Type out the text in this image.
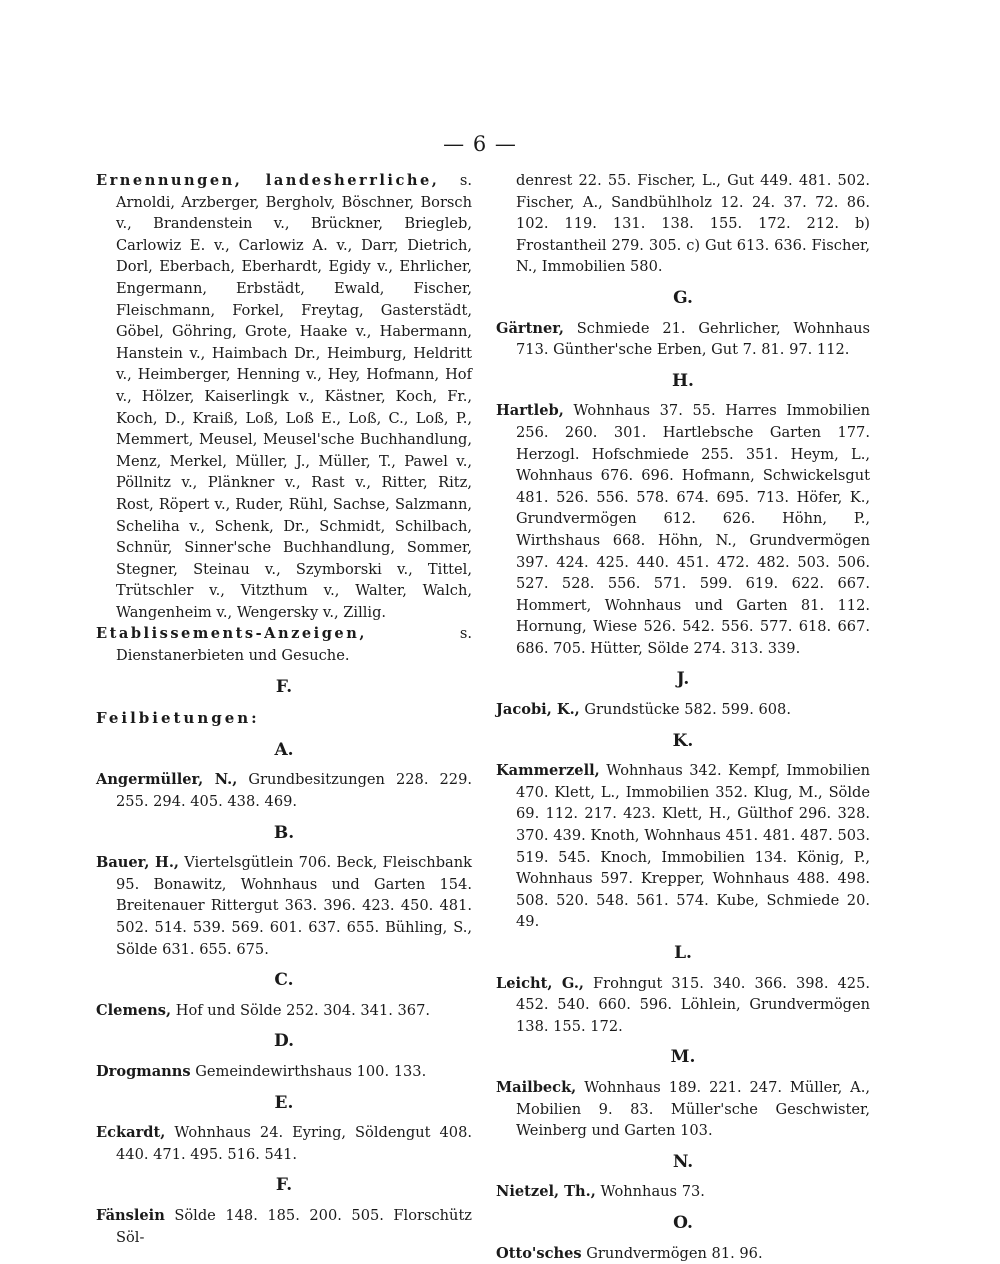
— 6 —
Ernennungen, landesherrliche, s. Arnoldi, Arzberger, Bergholv, Böschner, Borsch v., Brandenstein v., Brückner, Briegleb, Carlowiz E. v., Carlowiz A. v., Darr, Dietrich, Dorl, Eberbach, Eberhardt, Egidy v., Ehrlicher, Engermann, Erbstädt, Ewald, Fischer, Fleischmann, Forkel, Freytag, Gasterstädt, Göbel, Göhring, Grote, Haake v., Habermann, Hanstein v., Haimbach Dr., Heimburg, Heldritt v., Heimberger, Henning v., Hey, Hofmann, Hof v., Hölzer, Kaiserlingk v., Kästner, Koch, Fr., Koch, D., Kraiß, Loß, Loß E., Loß, C., Loß, P., Memmert, Meusel, Meusel'sche Buchhandlung, Menz, Merkel, Müller, J., Müller, T., Pawel v., Pöllnitz v., Plänkner v., Rast v., Ritter, Ritz, Rost, Röpert v., Ruder, Rühl, Sachse, Salzmann, Scheliha v., Schenk, Dr., Schmidt, Schilbach, Schnür, Sinner'sche Buchhandlung, Sommer, Stegner, Steinau v., Szymborski v., Tittel, Trütschler v., Vitzthum v., Walter, Walch, Wangenheim v., Wengersky v., Zillig.
Etablissements-Anzeigen,	s. Dienstanerbieten und Gesuche.
F.
Feilbietungen:
A.
Angermüller, N., Grundbesitzungen 228. 229. 255. 294. 405. 438. 469.
B.
Bauer, H., Viertelsgütlein 706. Beck, Fleischbank 95. Bonawitz, Wohnhaus und Garten 154. Breitenauer Rittergut 363. 396. 423. 450. 481. 502. 514. 539. 569. 601. 637. 655. Bühling, S., Sölde 631. 655. 675.
C.
Clemens, Hof und Sölde 252. 304. 341. 367.
D.
Drogmanns Gemeindewirthshaus 100. 133.
E.
Eckardt, Wohnhaus 24. Eyring, Söldengut 408. 440. 471. 495. 516. 541.
F.
Fänslein Sölde 148. 185. 200. 505. Florschütz Söl-
denrest 22. 55. Fischer, L., Gut 449. 481. 502. Fischer, A., Sandbühlholz 12. 24. 37. 72. 86. 102. 119. 131. 138. 155. 172. 212. b) Frostantheil 279. 305. c) Gut 613. 636. Fischer, N., Immobilien 580.
G.
Gärtner, Schmiede 21. Gehrlicher, Wohnhaus 713. Günther'sche Erben, Gut 7. 81. 97. 112.
H.
Hartleb, Wohnhaus 37. 55. Harres Immobilien 256. 260. 301. Hartlebsche Garten 177. Herzogl. Hofschmiede 255. 351. Heym, L., Wohnhaus 676. 696. Hofmann, Schwickelsgut 481. 526. 556. 578. 674. 695. 713. Höfer, K., Grundvermögen 612. 626. Höhn, P., Wirthshaus 668. Höhn, N., Grundvermögen 397. 424. 425. 440. 451. 472. 482. 503. 506. 527. 528. 556. 571. 599. 619. 622. 667. Hommert, Wohnhaus und Garten 81. 112. Hornung, Wiese 526. 542. 556. 577. 618. 667. 686. 705. Hütter, Sölde 274. 313. 339.
J.
Jacobi, K., Grundstücke 582. 599. 608.
K.
Kammerzell, Wohnhaus 342. Kempf, Immobilien 470. Klett, L., Immobilien 352. Klug, M., Sölde 69. 112. 217. 423. Klett, H., Gülthof 296. 328. 370. 439. Knoth, Wohnhaus 451. 481. 487. 503. 519. 545. Knoch, Immobilien 134. König, P., Wohnhaus 597. Krepper, Wohnhaus 488. 498. 508. 520. 548. 561. 574. Kube, Schmiede 20. 49.
L.
Leicht, G., Frohngut 315. 340. 366. 398. 425. 452. 540. 660. 596. Löhlein, Grundvermögen 138. 155. 172.
M.
Mailbeck, Wohnhaus 189. 221. 247. Müller, A., Mobilien 9. 83. Müller'sche Geschwister, Weinberg und Garten 103.
N.
Nietzel, Th., Wohnhaus 73.
O.
Otto'sches Grundvermögen 81. 96.
